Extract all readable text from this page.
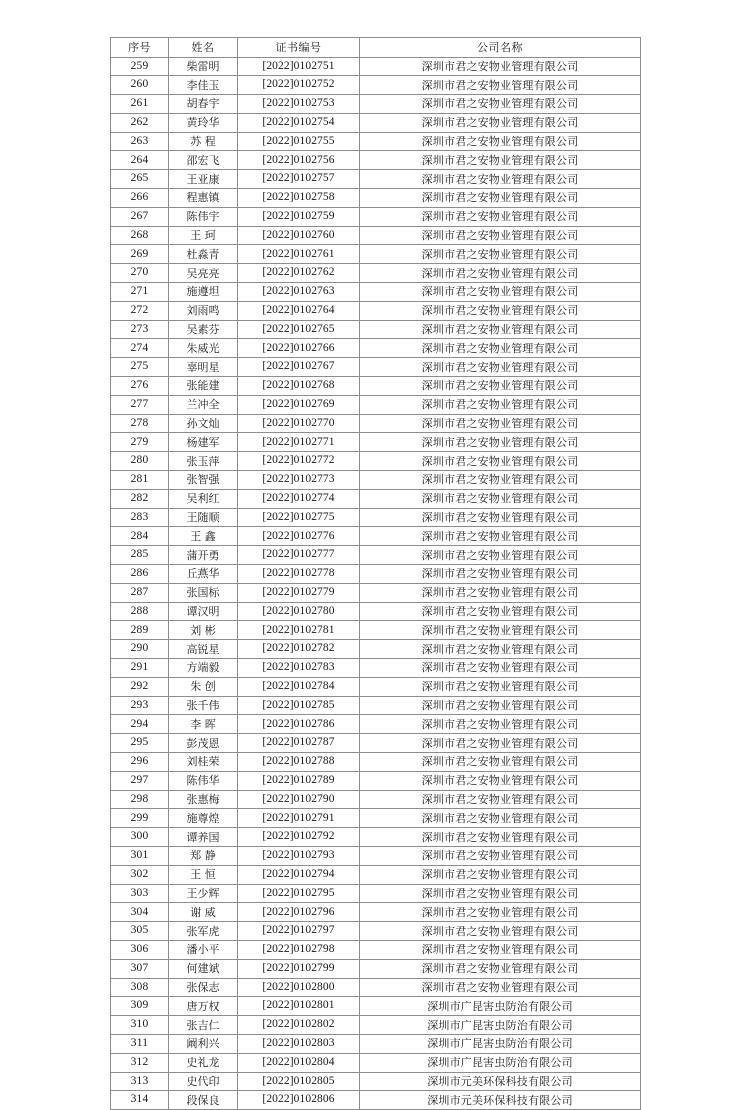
序号	姓名	证书编号	公司名称
259	柴雷明	[2022]0102751	深圳市君之安物业管理有限公司
260	李佳玉	[2022]0102752	深圳市君之安物业管理有限公司
261	胡春宇	[2022]0102753	深圳市君之安物业管理有限公司
262	黄玲华	[2022]0102754	深圳市君之安物业管理有限公司
263	苏 程	[2022]0102755	深圳市君之安物业管理有限公司
264	邵宏飞	[2022]0102756	深圳市君之安物业管理有限公司
265	王亚康	[2022]0102757	深圳市君之安物业管理有限公司
266	程惠镇	[2022]0102758	深圳市君之安物业管理有限公司
267	陈伟宇	[2022]0102759	深圳市君之安物业管理有限公司
268	王 珂	[2022]0102760	深圳市君之安物业管理有限公司
269	杜淼青	[2022]0102761	深圳市君之安物业管理有限公司
270	吴亮亮	[2022]0102762	深圳市君之安物业管理有限公司
271	施遵坦	[2022]0102763	深圳市君之安物业管理有限公司
272	刘雨鸣	[2022]0102764	深圳市君之安物业管理有限公司
273	吴素芬	[2022]0102765	深圳市君之安物业管理有限公司
274	朱威光	[2022]0102766	深圳市君之安物业管理有限公司
275	辜明星	[2022]0102767	深圳市君之安物业管理有限公司
276	张能建	[2022]0102768	深圳市君之安物业管理有限公司
277	兰冲全	[2022]0102769	深圳市君之安物业管理有限公司
278	孙文灿	[2022]0102770	深圳市君之安物业管理有限公司
279	杨建军	[2022]0102771	深圳市君之安物业管理有限公司
280	张玉萍	[2022]0102772	深圳市君之安物业管理有限公司
281	张智强	[2022]0102773	深圳市君之安物业管理有限公司
282	吴利红	[2022]0102774	深圳市君之安物业管理有限公司
283	王随顺	[2022]0102775	深圳市君之安物业管理有限公司
284	王 鑫	[2022]0102776	深圳市君之安物业管理有限公司
285	蒲开勇	[2022]0102777	深圳市君之安物业管理有限公司
286	丘燕华	[2022]0102778	深圳市君之安物业管理有限公司
287	张国标	[2022]0102779	深圳市君之安物业管理有限公司
288	谭汉明	[2022]0102780	深圳市君之安物业管理有限公司
289	刘 彬	[2022]0102781	深圳市君之安物业管理有限公司
290	高锐星	[2022]0102782	深圳市君之安物业管理有限公司
291	方端毅	[2022]0102783	深圳市君之安物业管理有限公司
292	朱 创	[2022]0102784	深圳市君之安物业管理有限公司
293	张千伟	[2022]0102785	深圳市君之安物业管理有限公司
294	李 晖	[2022]0102786	深圳市君之安物业管理有限公司
295	彭茂恩	[2022]0102787	深圳市君之安物业管理有限公司
296	刘桂荣	[2022]0102788	深圳市君之安物业管理有限公司
297	陈伟华	[2022]0102789	深圳市君之安物业管理有限公司
298	张惠梅	[2022]0102790	深圳市君之安物业管理有限公司
299	施尊煌	[2022]0102791	深圳市君之安物业管理有限公司
300	谭养国	[2022]0102792	深圳市君之安物业管理有限公司
301	郑 静	[2022]0102793	深圳市君之安物业管理有限公司
302	王 恒	[2022]0102794	深圳市君之安物业管理有限公司
303	王少辉	[2022]0102795	深圳市君之安物业管理有限公司
304	谢 威	[2022]0102796	深圳市君之安物业管理有限公司
305	张军虎	[2022]0102797	深圳市君之安物业管理有限公司
306	潘小平	[2022]0102798	深圳市君之安物业管理有限公司
307	何建斌	[2022]0102799	深圳市君之安物业管理有限公司
308	张保志	[2022]0102800	深圳市君之安物业管理有限公司
309	唐万权	[2022]0102801	深圳市广昆害虫防治有限公司
310	张吉仁	[2022]0102802	深圳市广昆害虫防治有限公司
311	阚利兴	[2022]0102803	深圳市广昆害虫防治有限公司
312	史礼龙	[2022]0102804	深圳市广昆害虫防治有限公司
313	史代印	[2022]0102805	深圳市元美环保科技有限公司
314	段保良	[2022]0102806	深圳市元美环保科技有限公司
